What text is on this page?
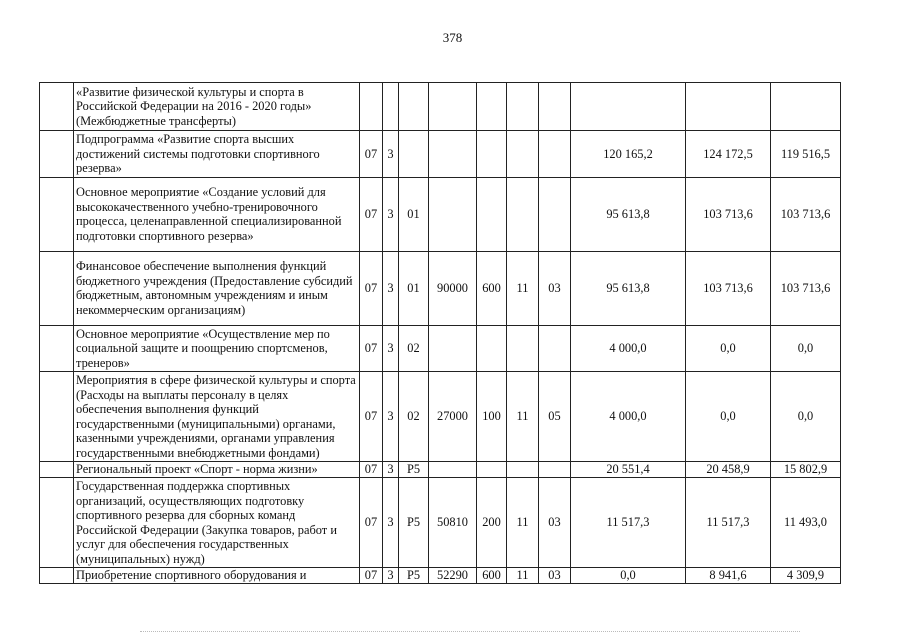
378
	«Развитие физической культуры и спорта в Российской Федерации на 2016 - 2020 годы» (Межбюджетные трансферты)										
	Подпрограмма «Развитие спорта высших достижений системы подготовки спортивного резерва»	07	3						120 165,2	124 172,5	119 516,5
	Основное мероприятие «Создание условий для высококачественного учебно-тренировочного процесса, целенаправленной специализированной подготовки спортивного резерва»	07	3	01					95 613,8	103 713,6	103 713,6
	Финансовое обеспечение выполнения функций бюджетного учреждения (Предоставление субсидий бюджетным, автономным учреждениям и иным некоммерческим организациям)	07	3	01	90000	600	11	03	95 613,8	103 713,6	103 713,6
	Основное мероприятие «Осуществление мер по социальной защите и поощрению спортсменов, тренеров»	07	3	02					4 000,0	0,0	0,0
	Мероприятия в сфере физической культуры и спорта (Расходы на выплаты персоналу в целях обеспечения выполнения функций государственными (муниципальными) органами, казенными учреждениями, органами управления государственными внебюджетными фондами)	07	3	02	27000	100	11	05	4 000,0	0,0	0,0
	Региональный проект «Спорт - норма жизни»	07	3	P5					20 551,4	20 458,9	15 802,9
	Государственная поддержка спортивных организаций, осуществляющих подготовку спортивного резерва для сборных команд Российской Федерации (Закупка товаров, работ и услуг для обеспечения государственных (муниципальных) нужд)	07	3	P5	50810	200	11	03	11 517,3	11 517,3	11 493,0
	Приобретение спортивного оборудования и	07	3	P5	52290	600	11	03	0,0	8 941,6	4 309,9
